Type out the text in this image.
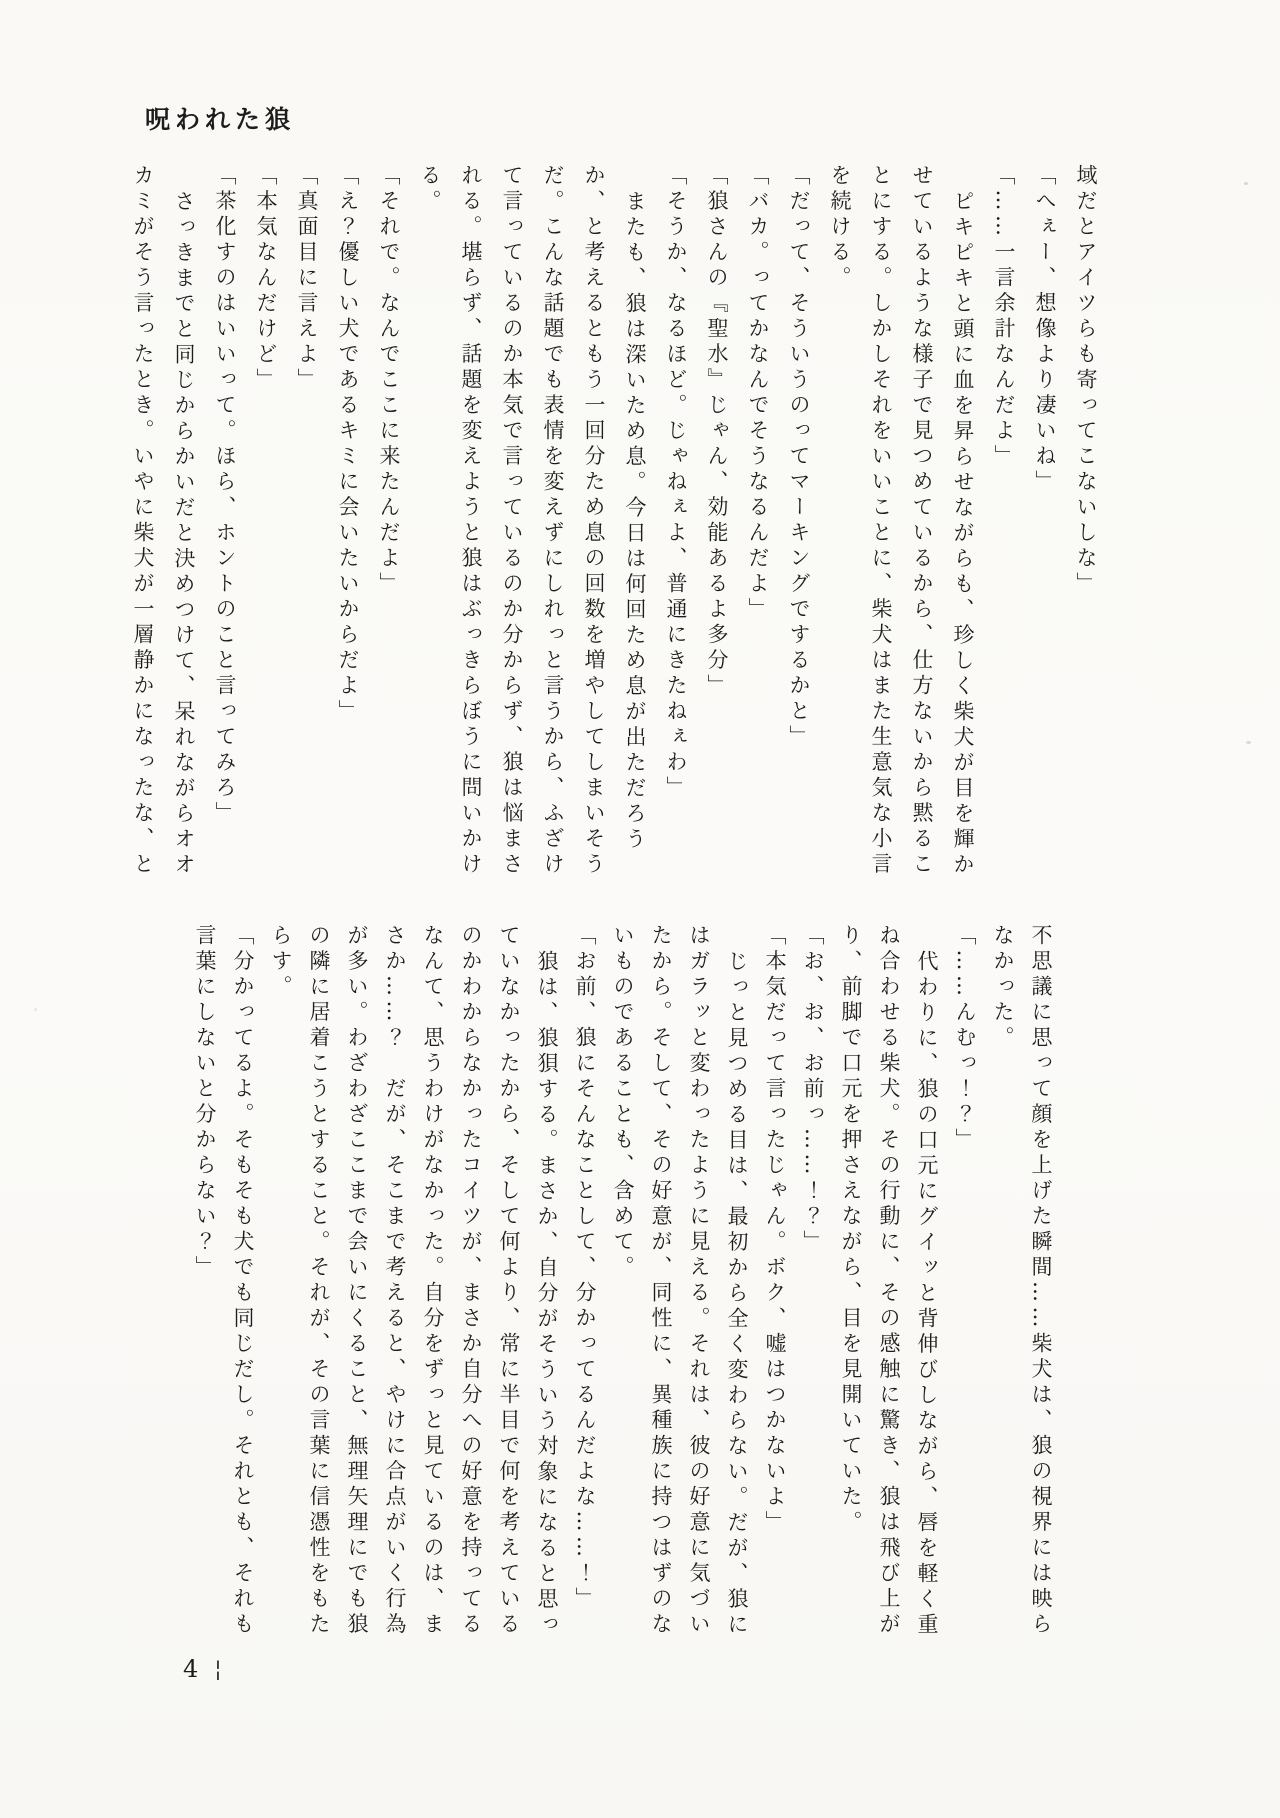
呪われた狼

域だとアイツらも寄ってこないしな」

「へぇー、想像より凄いね」

「……一言余計なんだよ」

ピキピキと頭に血を昇らせながらも、珍しく柴犬が目を輝かせているような様子で見つめているから、仕方ないから黙ることにする。しかしそれをいいことに、柴犬はまた生意気な小言を続ける。

「だって、そういうのってマーキングでするかと」

「バカ。ってかなんでそうなるんだよ」

「狼さんの『聖水』じゃん、効能あるよ多分」

「そうか、なるほど。じゃねぇよ、普通にきたねぇわ」

またも、狼は深いため息。今日は何回ため息が出ただろうか、と考えるともう一回分ため息の回数を増やしてしまいそうだ。こんな話題でも表情を変えずにしれっと言うから、ふざけて言っているのか本気で言っているのか分からず、狼は悩まされる。堪らず、話題を変えようと狼はぶっきらぼうに問いかける。

「それで。なんでここに来たんだよ」

「え？優しい犬であるキミに会いたいからだよ」

「真面目に言えよ」

「本気なんだけど」

「茶化すのはいいって。ほら、ホントのこと言ってみろ」

さっきまでと同じからかいだと決めつけて、呆れながらオオカミがそう言ったとき。いやに柴犬が一層静かになったな、と

不思議に思って顔を上げた瞬間……柴犬は、狼の視界には映らなかった。

「……んむっ！？」

代わりに、狼の口元にグイッと背伸びしながら、唇を軽く重ね合わせる柴犬。その行動に、その感触に驚き、狼は飛び上がり、前脚で口元を押さえながら、目を見開いていた。

「お、お、お前っ……！？」

「本気だって言ったじゃん。ボク、嘘はつかないよ」

じっと見つめる目は、最初から全く変わらない。だが、狼にはガラッと変わったように見える。それは、彼の好意に気づいたから。そして、その好意が、同性に、異種族に持つはずのないものであることも、含めて。

「お前、狼にそんなことして、分かってるんだよな……！」

狼は、狼狽する。まさか、自分がそういう対象になると思っていなかったから、そして何より、常に半目で何を考えているのかわからなかったコイツが、まさか自分への好意を持ってるなんて、思うわけがなかった。自分をずっと見ているのは、まさか……？　だが、そこまで考えると、やけに合点がいく行為が多い。わざわざここまで会いにくること、無理矢理にでも狼の隣に居着こうとすること。それが、その言葉に信憑性をもたらす。

「分かってるよ。そもそも犬でも同じだし。それとも、それも言葉にしないと分からない？」

4 ¦
